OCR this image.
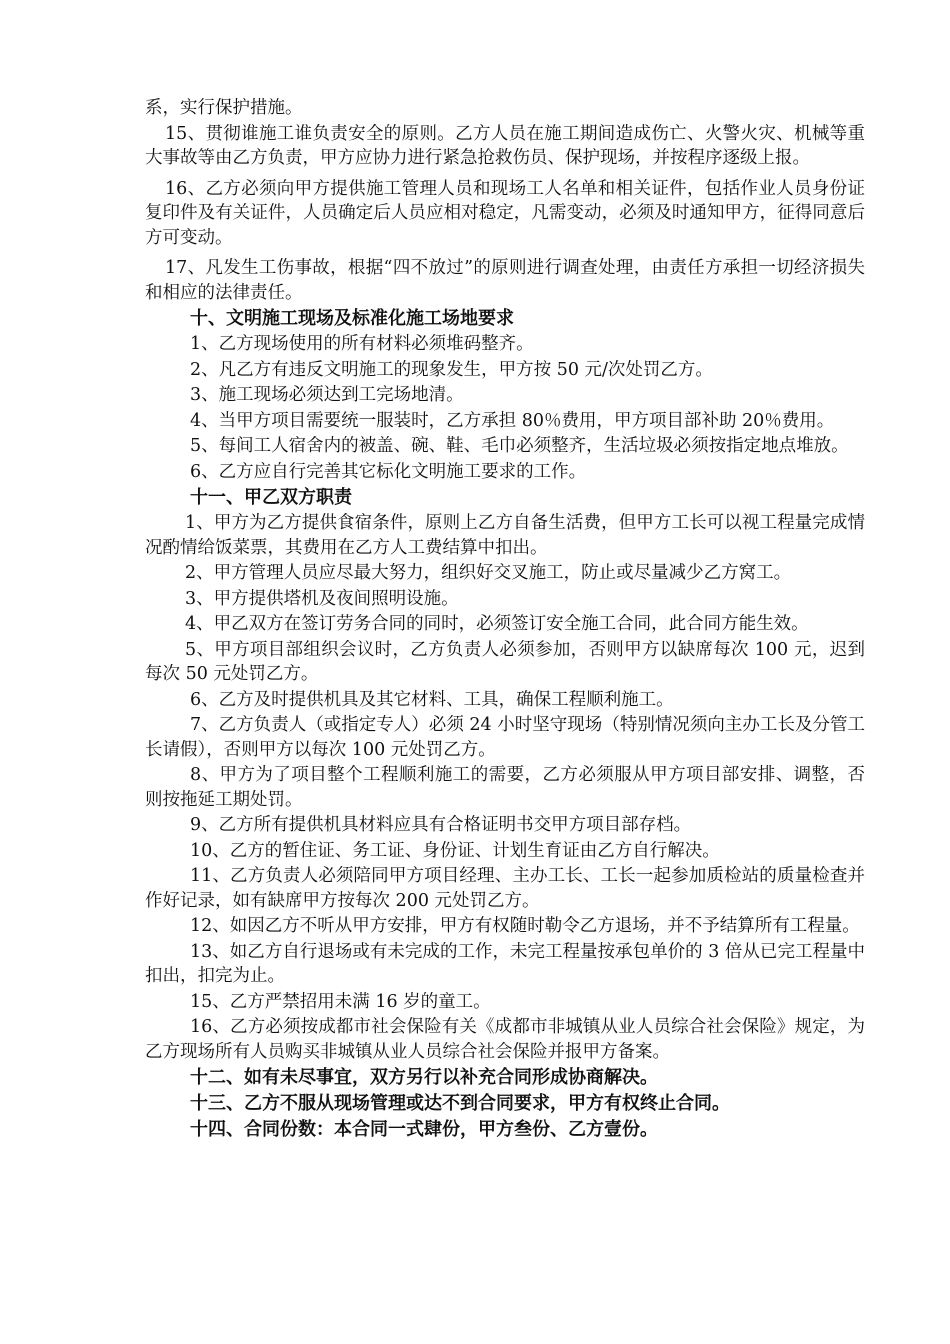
系，实行保护措施。

15、贯彻谁施工谁负责安全的原则。乙方人员在施工期间造成伤亡、火警火灾、机械等重大事故等由乙方负责，甲方应协力进行紧急抢救伤员、保护现场，并按程序逐级上报。

16、乙方必须向甲方提供施工管理人员和现场工人名单和相关证件，包括作业人员身份证复印件及有关证件，人员确定后人员应相对稳定，凡需变动，必须及时通知甲方，征得同意后方可变动。

17、凡发生工伤事故，根据“四不放过”的原则进行调查处理，由责任方承担一切经济损失和相应的法律责任。

十、文明施工现场及标准化施工场地要求

1、乙方现场使用的所有材料必须堆码整齐。

2、凡乙方有违反文明施工的现象发生，甲方按 50 元/次处罚乙方。

3、施工现场必须达到工完场地清。

4、当甲方项目需要统一服装时，乙方承担 80％费用，甲方项目部补助 20％费用。

5、每间工人宿舍内的被盖、碗、鞋、毛巾必须整齐，生活垃圾必须按指定地点堆放。

6、乙方应自行完善其它标化文明施工要求的工作。

十一、甲乙双方职责

1、甲方为乙方提供食宿条件，原则上乙方自备生活费，但甲方工长可以视工程量完成情况酌情给饭菜票，其费用在乙方人工费结算中扣出。

2、甲方管理人员应尽最大努力，组织好交叉施工，防止或尽量减少乙方窝工。

3、甲方提供塔机及夜间照明设施。

4、甲乙双方在签订劳务合同的同时，必须签订安全施工合同，此合同方能生效。

5、甲方项目部组织会议时，乙方负责人必须参加，否则甲方以缺席每次 100 元，迟到每次 50 元处罚乙方。

6、乙方及时提供机具及其它材料、工具，确保工程顺利施工。

7、乙方负责人（或指定专人）必须 24 小时坚守现场（特别情况须向主办工长及分管工长请假），否则甲方以每次 100 元处罚乙方。

8、甲方为了项目整个工程顺利施工的需要，乙方必须服从甲方项目部安排、调整，否则按拖延工期处罚。

9、乙方所有提供机具材料应具有合格证明书交甲方项目部存档。

10、乙方的暂住证、务工证、身份证、计划生育证由乙方自行解决。

11、乙方负责人必须陪同甲方项目经理、主办工长、工长一起参加质检站的质量检查并作好记录，如有缺席甲方按每次 200 元处罚乙方。

12、如因乙方不听从甲方安排，甲方有权随时勒令乙方退场，并不予结算所有工程量。

13、如乙方自行退场或有未完成的工作，未完工程量按承包单价的 3 倍从已完工程量中扣出，扣完为止。

15、乙方严禁招用未满 16 岁的童工。

16、乙方必须按成都市社会保险有关《成都市非城镇从业人员综合社会保险》规定，为乙方现场所有人员购买非城镇从业人员综合社会保险并报甲方备案。

十二、如有未尽事宜，双方另行以补充合同形成协商解决。

十三、乙方不服从现场管理或达不到合同要求，甲方有权终止合同。

十四、合同份数：本合同一式肆份，甲方叁份、乙方壹份。
